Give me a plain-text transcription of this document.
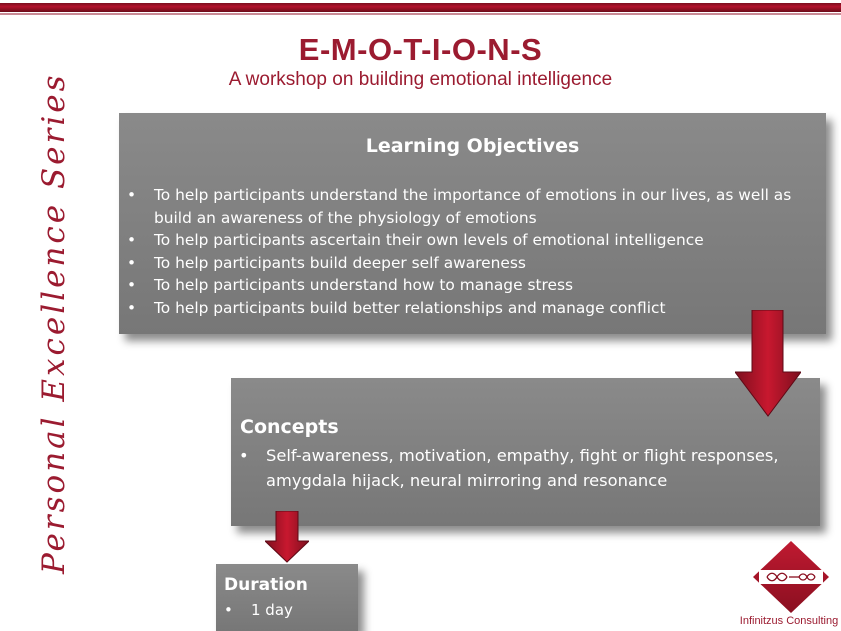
E-M-O-T-I-O-N-S
A workshop on building emotional intelligence
Personal Excellence Series	Learning Objectives
• To help participants understand the importance of emotions in our lives, as well as build an awareness of the physiology of emotions
• To help participants ascertain their own levels of emotional intelligence
• To help participants build deeper self awareness
• To help participants understand how to manage stress
• To help participants build better relationships and manage conflict
Concepts
• Self-awareness, motivation, empathy, fight or flight responses, amygdala hijack, neural mirroring and resonance
Duration
• 1 day
Infinitzus Consulting
